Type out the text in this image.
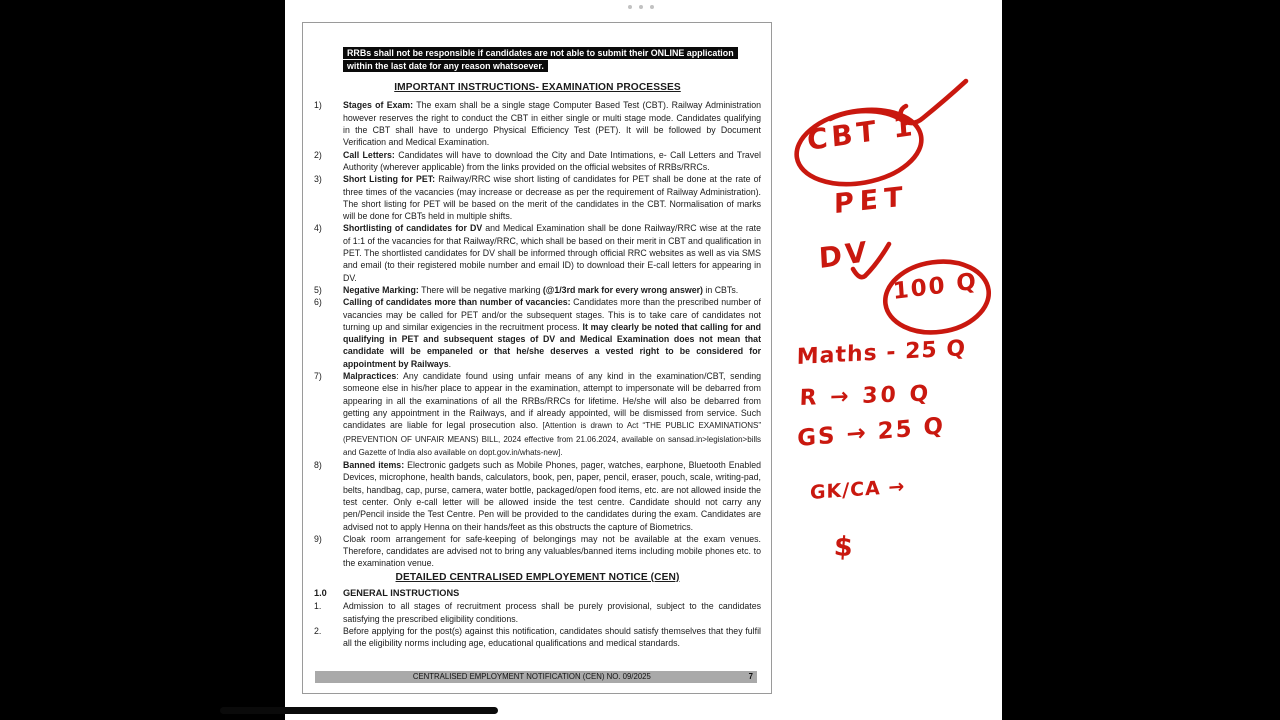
RRBs shall not be responsible if candidates are not able to submit their ONLINE application within the last date for any reason whatsoever.
IMPORTANT INSTRUCTIONS- EXAMINATION PROCESSES
1)	Stages of Exam: The exam shall be a single stage Computer Based Test (CBT). Railway Administration however reserves the right to conduct the CBT in either single or multi stage mode. Candidates qualifying in the CBT shall have to undergo Physical Efficiency Test (PET). It will be followed by Document Verification and Medical Examination.
2)	Call Letters: Candidates will have to download the City and Date Intimations, e- Call Letters and Travel Authority (wherever applicable) from the links provided on the official websites of RRBs/RRCs.
3)	Short Listing for PET: Railway/RRC wise short listing of candidates for PET shall be done at the rate of three times of the vacancies (may increase or decrease as per the requirement of Railway Administration). The short listing for PET will be based on the merit of the candidates in the CBT. Normalisation of marks will be done for CBTs held in multiple shifts.
4)	Shortlisting of candidates for DV and Medical Examination shall be done Railway/RRC wise at the rate of 1:1 of the vacancies for that Railway/RRC, which shall be based on their merit in CBT and qualification in PET. The shortlisted candidates for DV shall be informed through official RRC websites as well as via SMS and email (to their registered mobile number and email ID) to download their E-call letters for appearing in DV.
5)	Negative Marking: There will be negative marking (@1/3rd mark for every wrong answer) in CBTs.
6)	Calling of candidates more than number of vacancies: Candidates more than the prescribed number of vacancies may be called for PET and/or the subsequent stages. This is to take care of candidates not turning up and similar exigencies in the recruitment process. It may clearly be noted that calling for and qualifying in PET and subsequent stages of DV and Medical Examination does not mean that candidate will be empaneled or that he/she deserves a vested right to be considered for appointment by Railways.
7)	Malpractices: Any candidate found using unfair means of any kind in the examination/CBT, sending someone else in his/her place to appear in the examination, attempt to impersonate will be debarred from appearing in all the examinations of all the RRBs/RRCs for lifetime. He/she will also be debarred from getting any appointment in the Railways, and if already appointed, will be dismissed from service. Such candidates are liable for legal prosecution also. [Attention is drawn to Act “THE PUBLIC EXAMINATIONS” (PREVENTION OF UNFAIR MEANS) BILL, 2024 effective from 21.06.2024, available on sansad.in>legislation>bills and Gazette of India also available on dopt.gov.in/whats-new].
8)	Banned items: Electronic gadgets such as Mobile Phones, pager, watches, earphone, Bluetooth Enabled Devices, microphone, health bands, calculators, book, pen, paper, pencil, eraser, pouch, scale, writing-pad, belts, handbag, cap, purse, camera, water bottle, packaged/open food items, etc. are not allowed inside the test center. Only e-call letter will be allowed inside the test centre. Candidate should not carry any pen/Pencil inside the Test Centre. Pen will be provided to the candidates during the exam. Candidates are advised not to apply Henna on their hands/feet as this obstructs the capture of Biometrics.
9)	Cloak room arrangement for safe-keeping of belongings may not be available at the exam venues. Therefore, candidates are advised not to bring any valuables/banned items including mobile phones etc. to the examination venue.
DETAILED CENTRALISED EMPLOYEMENT NOTICE (CEN)
1.0	GENERAL INSTRUCTIONS
1.	Admission to all stages of recruitment process shall be purely provisional, subject to the candidates satisfying the prescribed eligibility conditions.
2.	Before applying for the post(s) against this notification, candidates should satisfy themselves that they fulfil all the eligibility norms including age, educational qualifications and medical standards.
CENTRALISED EMPLOYMENT NOTIFICATION (CEN) NO. 09/2025	7
CBT 1
PET
DV
100 Q
Maths - 25 Q
R → 30 Q
GS → 25 Q
GK/CA →
$
